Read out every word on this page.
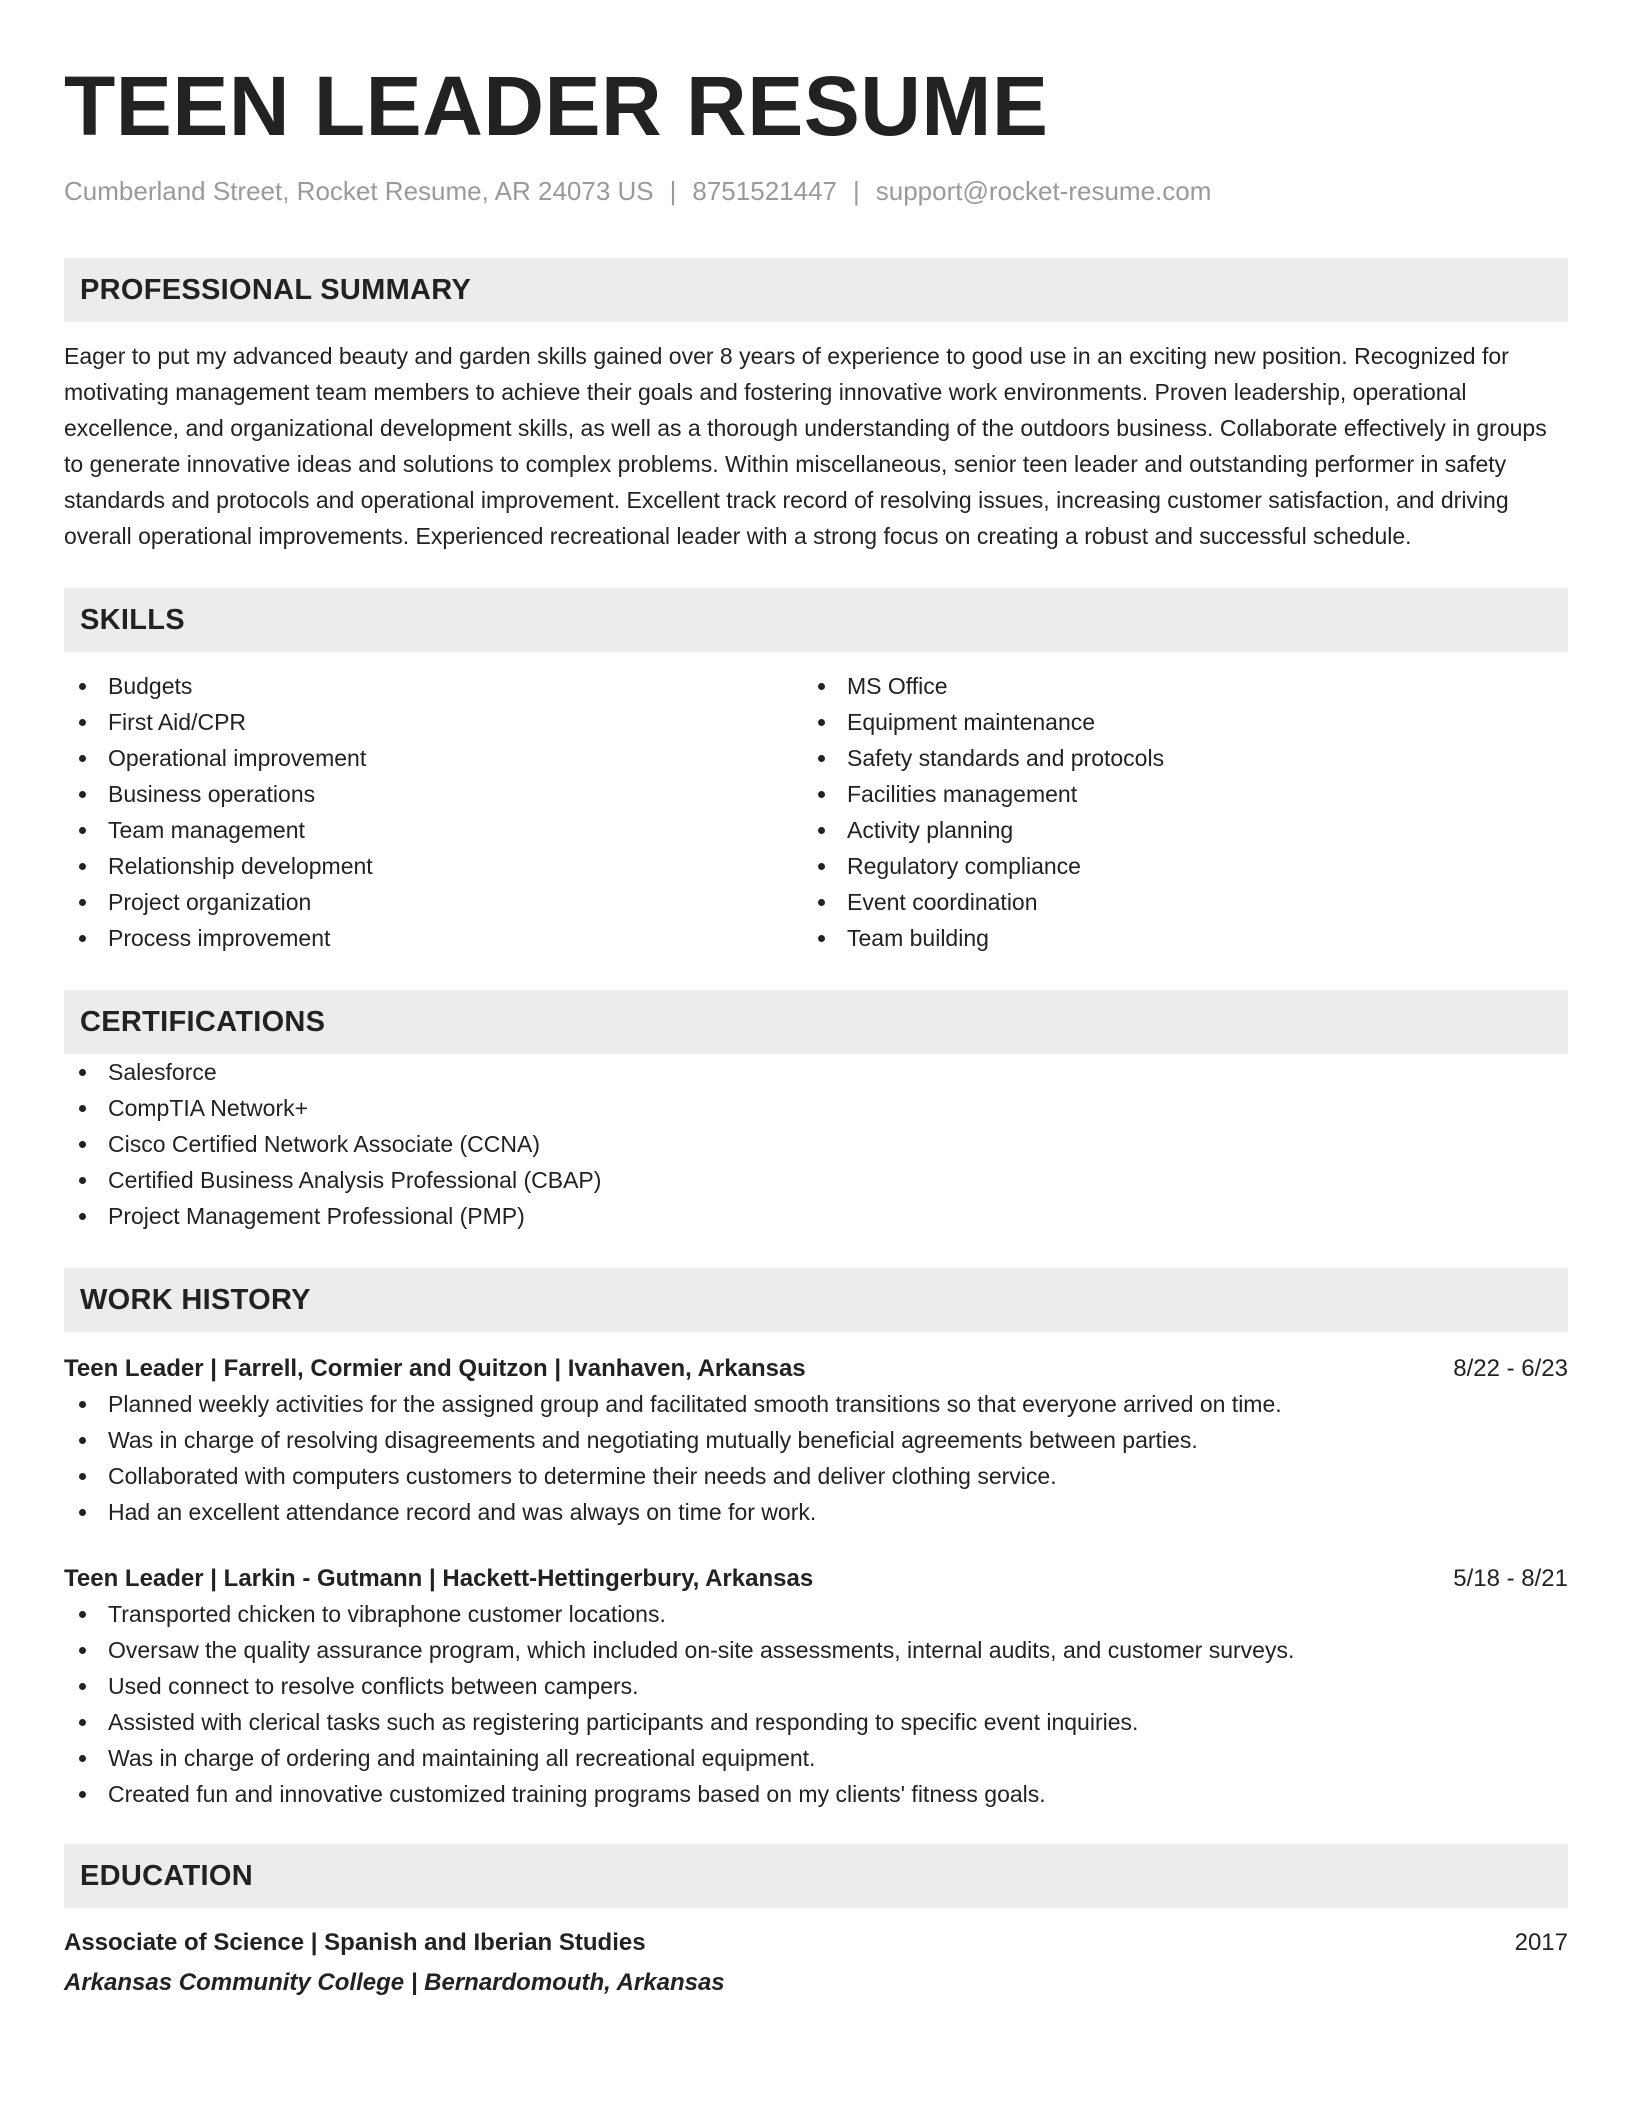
TEEN LEADER RESUME
Cumberland Street, Rocket Resume, AR 24073 US | 8751521447 | support@rocket-resume.com
PROFESSIONAL SUMMARY
Eager to put my advanced beauty and garden skills gained over 8 years of experience to good use in an exciting new position. Recognized for motivating management team members to achieve their goals and fostering innovative work environments. Proven leadership, operational excellence, and organizational development skills, as well as a thorough understanding of the outdoors business. Collaborate effectively in groups to generate innovative ideas and solutions to complex problems. Within miscellaneous, senior teen leader and outstanding performer in safety standards and protocols and operational improvement. Excellent track record of resolving issues, increasing customer satisfaction, and driving overall operational improvements. Experienced recreational leader with a strong focus on creating a robust and successful schedule.
SKILLS
Budgets
First Aid/CPR
Operational improvement
Business operations
Team management
Relationship development
Project organization
Process improvement
MS Office
Equipment maintenance
Safety standards and protocols
Facilities management
Activity planning
Regulatory compliance
Event coordination
Team building
CERTIFICATIONS
Salesforce
CompTIA Network+
Cisco Certified Network Associate (CCNA)
Certified Business Analysis Professional (CBAP)
Project Management Professional (PMP)
WORK HISTORY
Teen Leader | Farrell, Cormier and Quitzon | Ivanhaven, Arkansas	8/22 - 6/23
Planned weekly activities for the assigned group and facilitated smooth transitions so that everyone arrived on time.
Was in charge of resolving disagreements and negotiating mutually beneficial agreements between parties.
Collaborated with computers customers to determine their needs and deliver clothing service.
Had an excellent attendance record and was always on time for work.
Teen Leader | Larkin - Gutmann | Hackett-Hettingerbury, Arkansas	5/18 - 8/21
Transported chicken to vibraphone customer locations.
Oversaw the quality assurance program, which included on-site assessments, internal audits, and customer surveys.
Used connect to resolve conflicts between campers.
Assisted with clerical tasks such as registering participants and responding to specific event inquiries.
Was in charge of ordering and maintaining all recreational equipment.
Created fun and innovative customized training programs based on my clients' fitness goals.
EDUCATION
Associate of Science | Spanish and Iberian Studies	2017
Arkansas Community College | Bernardomouth, Arkansas
